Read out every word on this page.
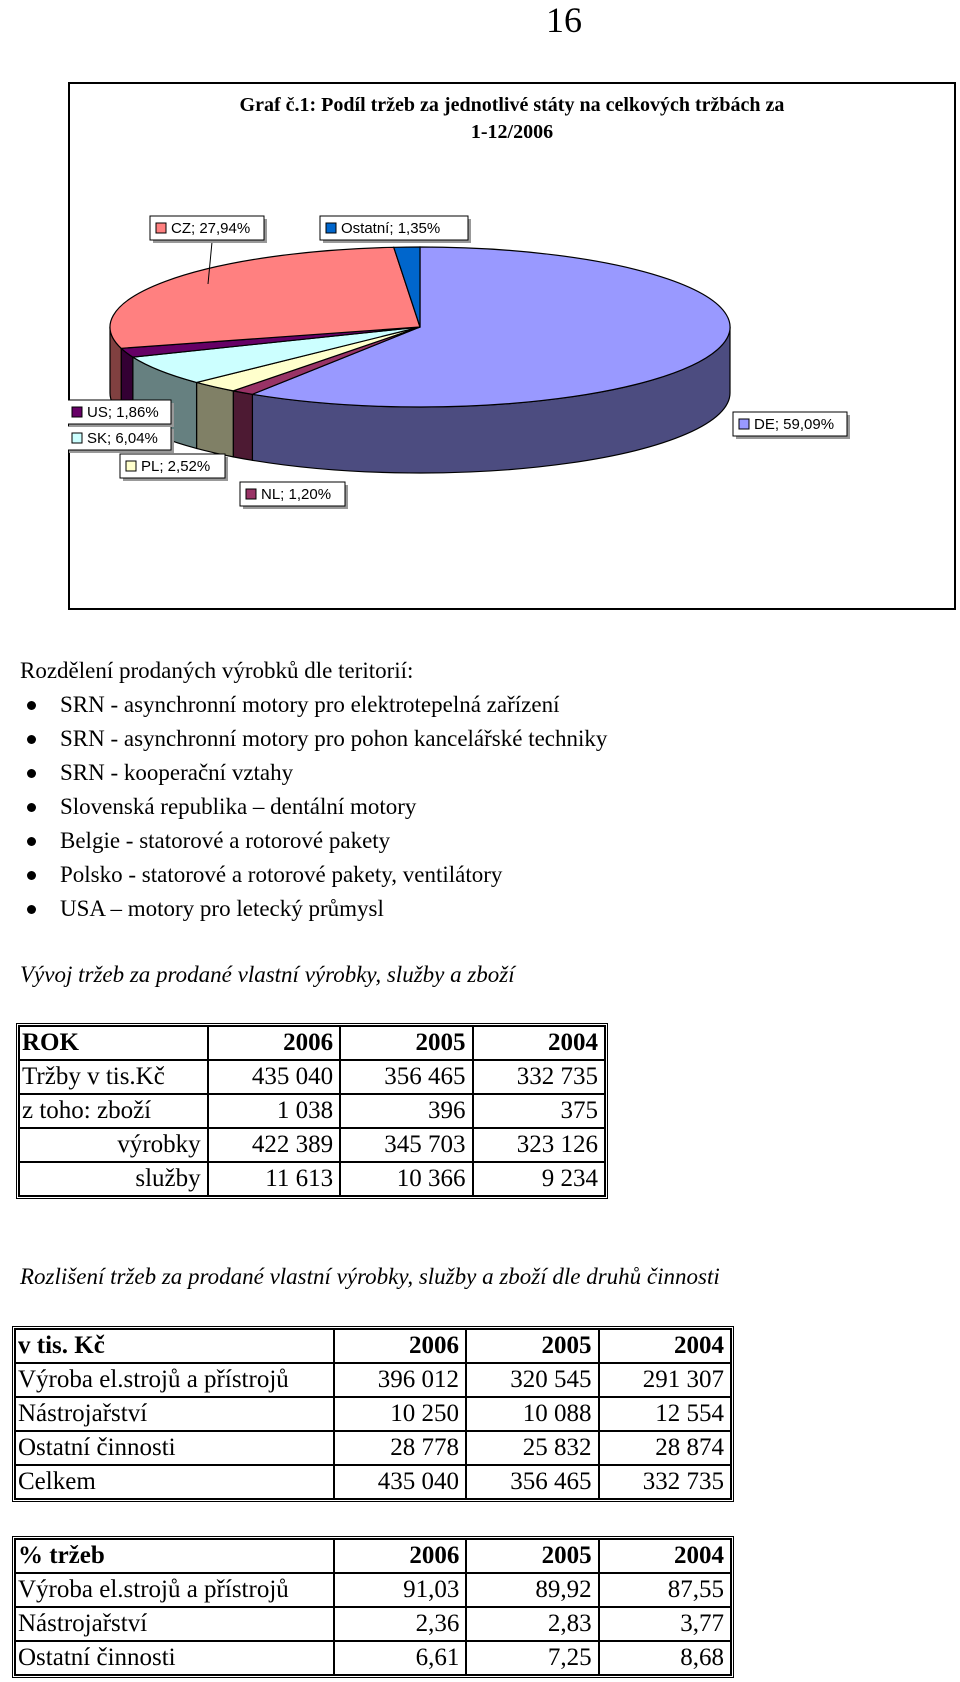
16
Graf č.1: Podíl tržeb za jednotlivé státy na celkových tržbách za
1-12/2006
DE; 59,09%
NL; 1,20%
PL; 2,52%
SK; 6,04%
US; 1,86%
CZ; 27,94%	Ostatní; 1,35%
Rozdělení prodaných výrobků dle teritorií:
SRN - asynchronní motory pro elektrotepelná zařízení
SRN - asynchronní motory pro pohon kancelářské techniky
SRN - kooperační vztahy
Slovenská republika – dentální motory
Belgie - statorové a rotorové pakety
Polsko - statorové a rotorové pakety, ventilátory
USA – motory pro letecký průmysl
Vývoj tržeb za prodané vlastní výrobky, služby a zboží
ROK	2006	2005	2004
Tržby v tis.Kč	435 040	356 465	332 735
z toho: zboží	1 038	396	375
výrobky	422 389	345 703	323 126
služby	11 613	10 366	9 234
Rozlišení tržeb za prodané vlastní výrobky, služby a zboží dle druhů činnosti
v tis. Kč	2006	2005	2004
Výroba el.strojů a přístrojů	396 012	320 545	291 307
Nástrojařství	10 250	10 088	12 554
Ostatní činnosti	28 778	25 832	28 874
Celkem	435 040	356 465	332 735
% tržeb	2006	2005	2004
Výroba el.strojů a přístrojů	91,03	89,92	87,55
Nástrojařství	2,36	2,83	3,77
Ostatní činnosti	6,61	7,25	8,68
